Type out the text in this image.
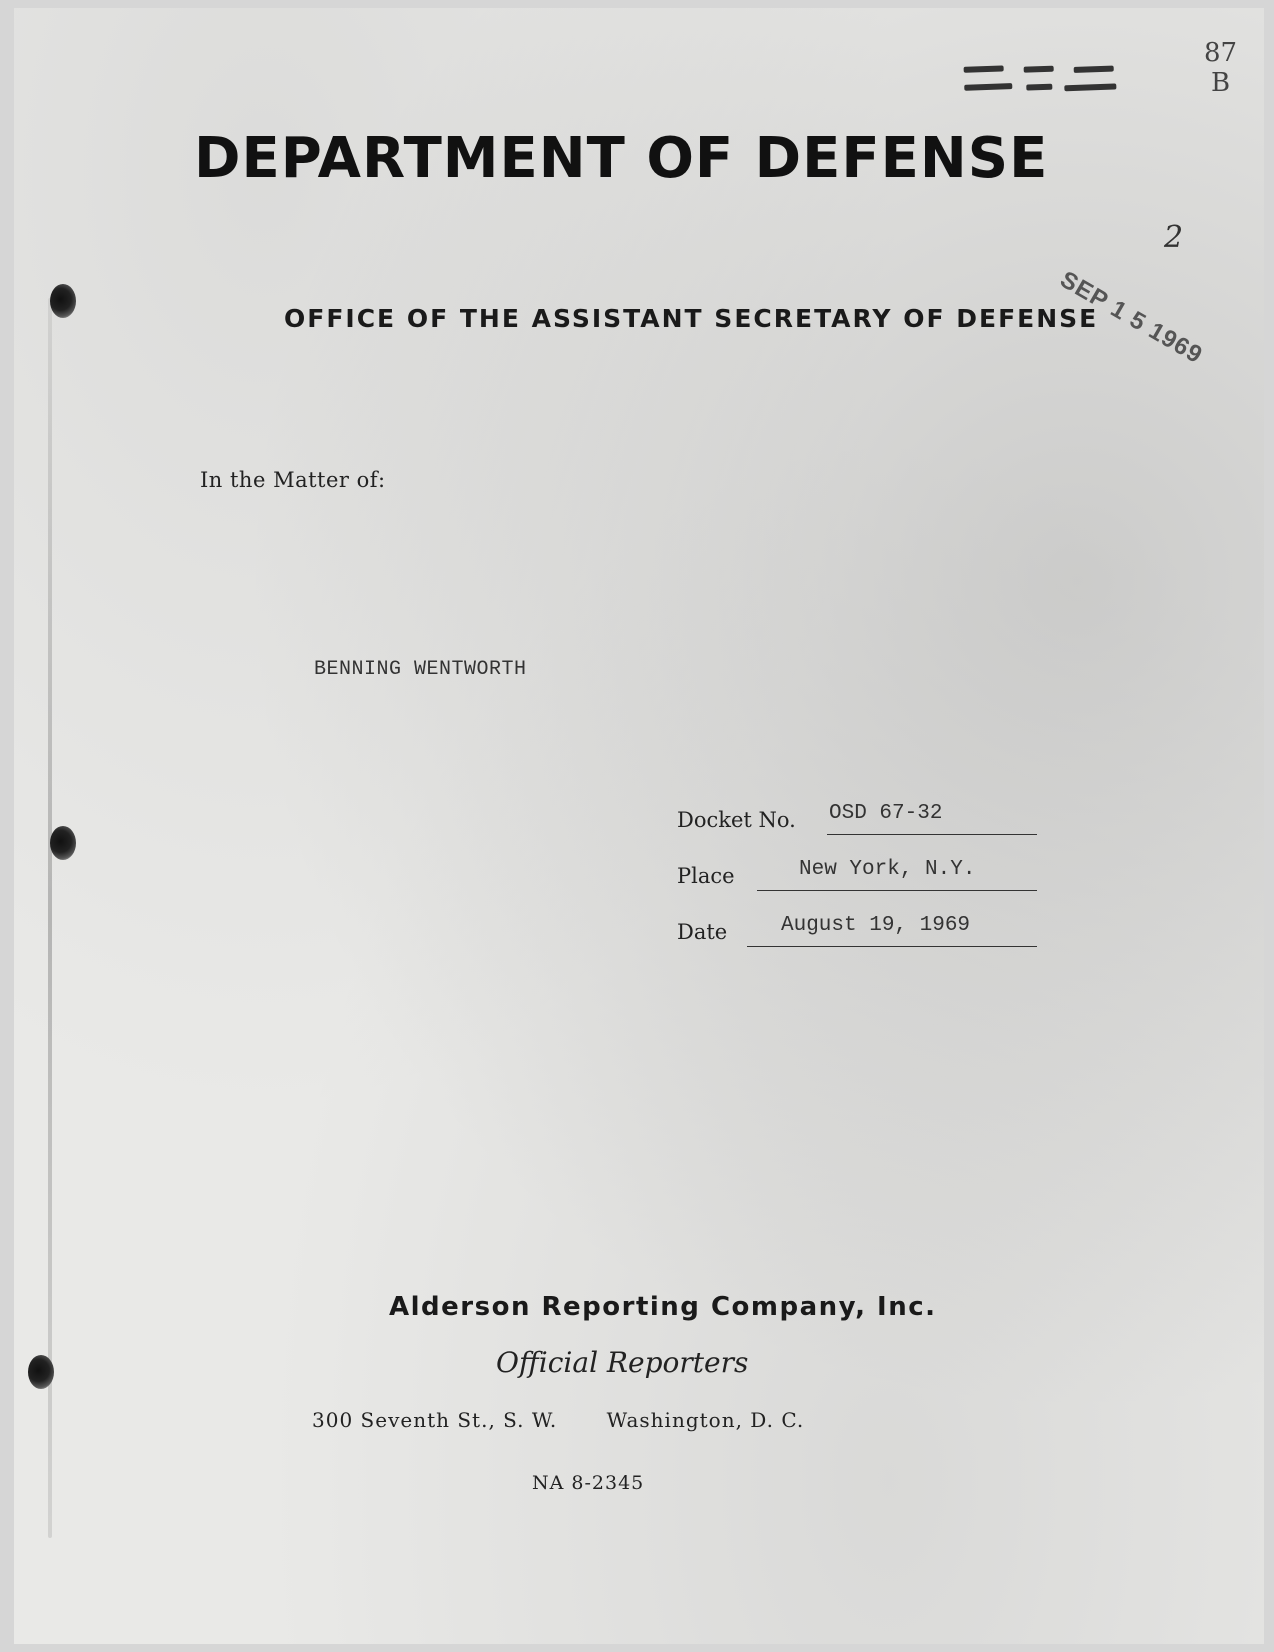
87
B
DEPARTMENT OF DEFENSE
2
SEP 1 5 1969
OFFICE OF THE ASSISTANT SECRETARY OF DEFENSE
In the Matter of:
BENNING WENTWORTH
Docket No. OSD 67-32
Place	New York, N.Y.
Date	August 19, 1969
Alderson Reporting Company, Inc.
Official Reporters
300 Seventh St., S. W. Washington, D. C.
NA 8-2345
